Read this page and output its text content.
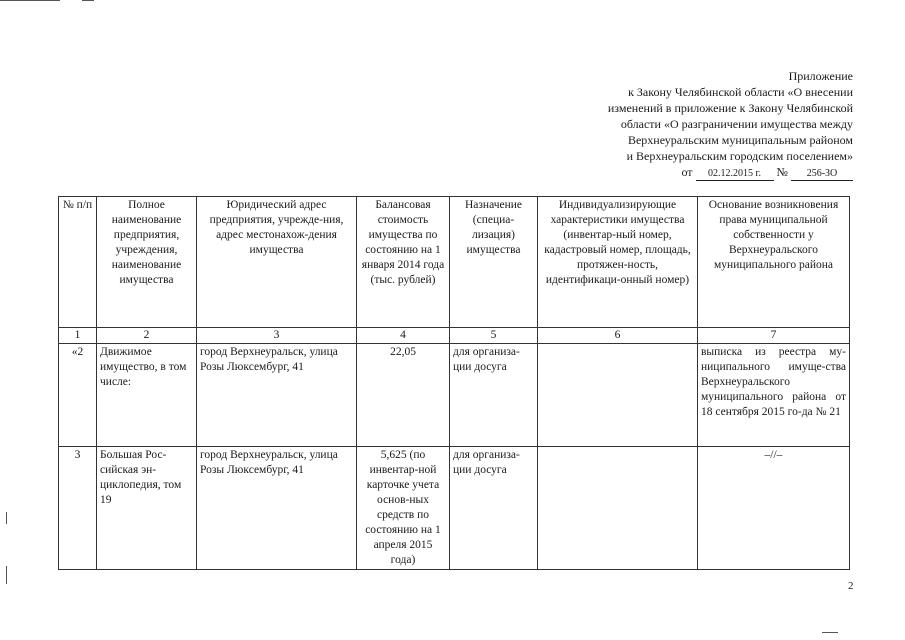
Приложение
к Закону Челябинской области «О внесении
изменений в приложение к Закону Челябинской
области «О разграничении имущества между
Верхнеуральским муниципальным районом
и Верхнеуральским городским поселением»
от 02.12.2015 г. № 256-ЗО
№ п/п	Полное наименование предприятия, учреждения, наименование имущества	Юридический адрес предприятия, учрежде-ния, адрес местонахож-дения имущества	Балансовая стоимость имущества по состоянию на 1 января 2014 года (тыс. рублей)	Назначение (специа-лизация) имущества	Индивидуализирующие характеристики имущества (инвентар-ный номер, кадастровый номер, площадь, протяжен-ность, идентификаци-онный номер)	Основание возникновения права муниципальной собственности у Верхнеуральского муниципального района
1	2	3	4	5	6	7
«2	Движимое имущество, в том числе:	город Верхнеуральск, улица Розы Люксембург, 41	22,05	для организа-ции досуга		выписка из реестра му-ниципального имуще-ства Верхнеуральского муниципального района от 18 сентября 2015 го-да № 21
3	Большая Рос-сийская эн-циклопедия, том 19	город Верхнеуральск, улица Розы Люксембург, 41	5,625 (по инвентар-ной карточке учета основ-ных средств по состоянию на 1 апреля 2015 года)	для организа-ции досуга		–//–
2
